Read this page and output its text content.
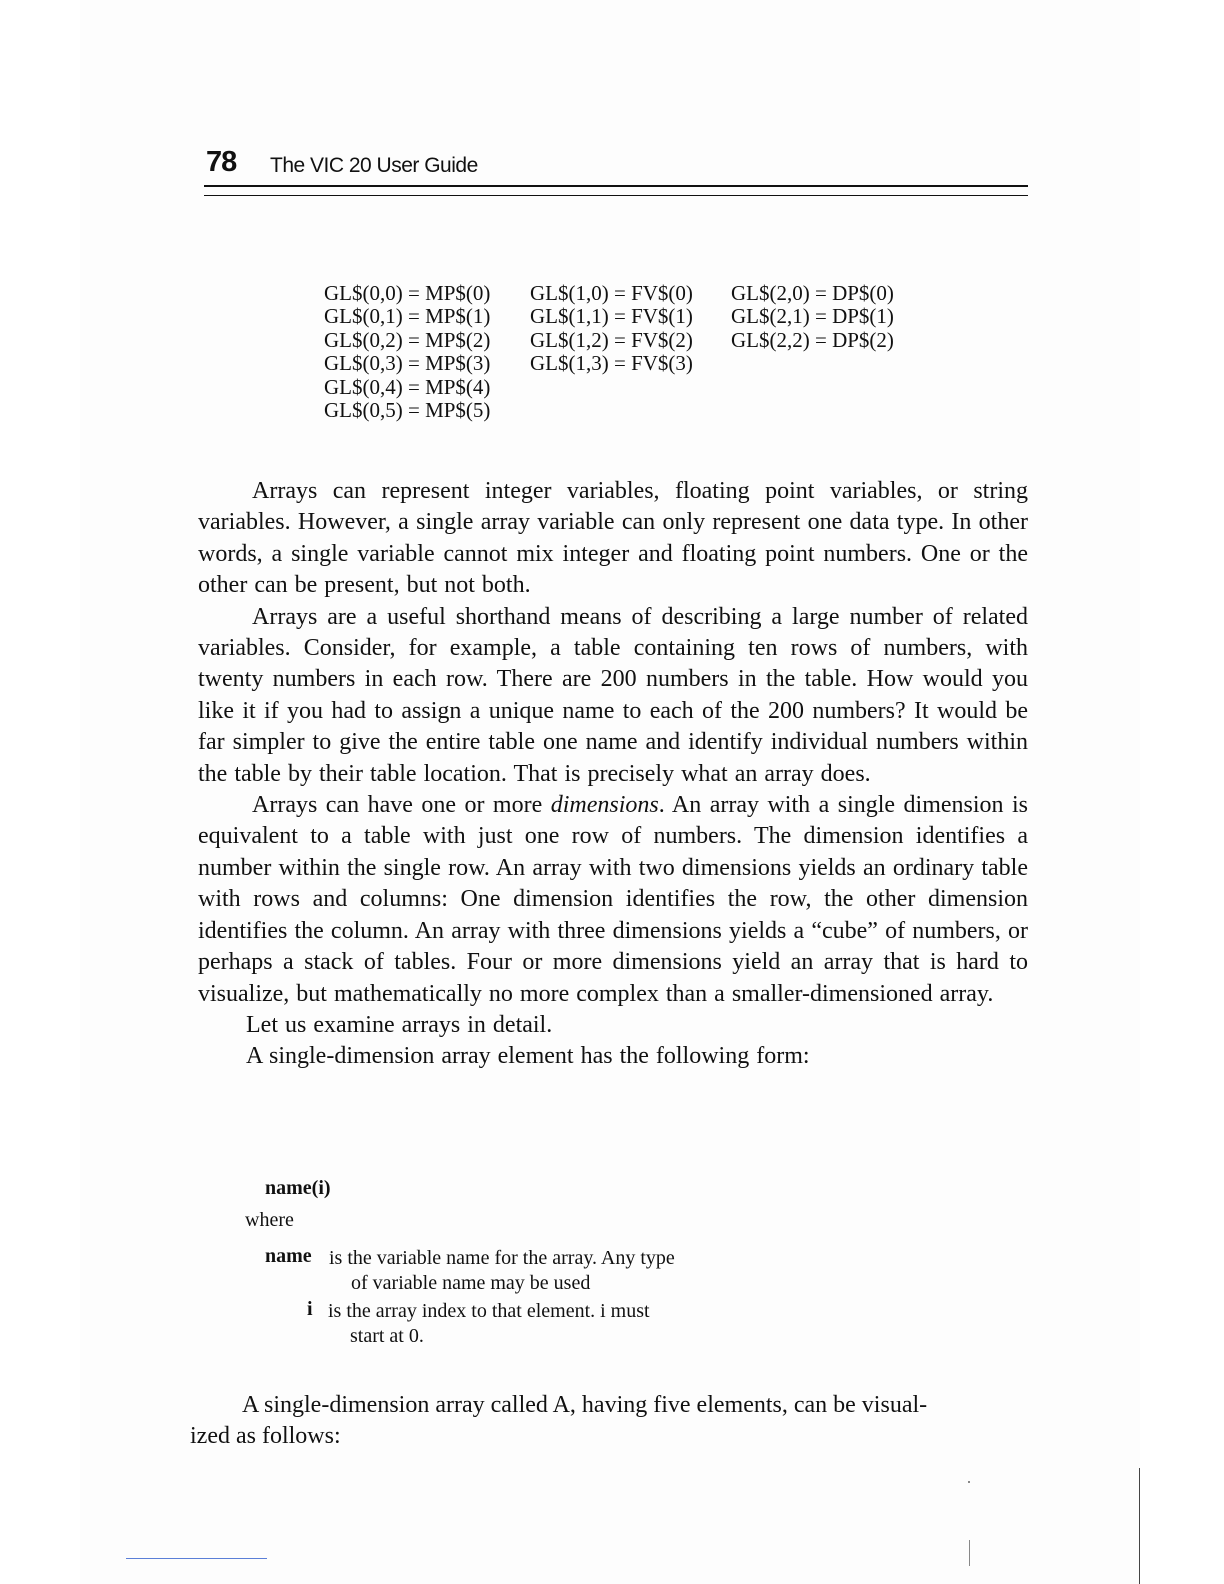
78 The VIC 20 User Guide
GL$(0,0) = MP$(0)
GL$(0,1) = MP$(1)
GL$(0,2) = MP$(2)
GL$(0,3) = MP$(3)
GL$(0,4) = MP$(4)
GL$(0,5) = MP$(5)
GL$(1,0) = FV$(0)
GL$(1,1) = FV$(1)
GL$(1,2) = FV$(2)
GL$(1,3) = FV$(3)
GL$(2,0) = DP$(0)
GL$(2,1) = DP$(1)
GL$(2,2) = DP$(2)

Arrays can represent integer variables, floating point variables, or string variables. However, a single array variable can only represent one data type. In other words, a single variable cannot mix integer and floating point numbers. One or the other can be present, but not both.

Arrays are a useful shorthand means of describing a large number of related variables. Consider, for example, a table containing ten rows of numbers, with twenty numbers in each row. There are 200 numbers in the table. How would you like it if you had to assign a unique name to each of the 200 numbers? It would be far simpler to give the entire table one name and identify individual numbers within the table by their table location. That is precisely what an array does.

Arrays can have one or more dimensions. An array with a single dimension is equivalent to a table with just one row of numbers. The dimension identifies a number within the single row. An array with two dimensions yields an ordinary table with rows and columns: One dimension identifies the row, the other dimension identifies the column. An array with three dimensions yields a “cube” of numbers, or perhaps a stack of tables. Four or more dimensions yield an array that is hard to visualize, but mathematically no more complex than a smaller-dimensioned array.

Let us examine arrays in detail.

A single-dimension array element has the following form:

name(i)
where
name is the variable name for the array. Any type
of variable name may be used
i is the array index to that element. i must
start at 0.
A single-dimension array called A, having five elements, can be visual-
ized as follows:
